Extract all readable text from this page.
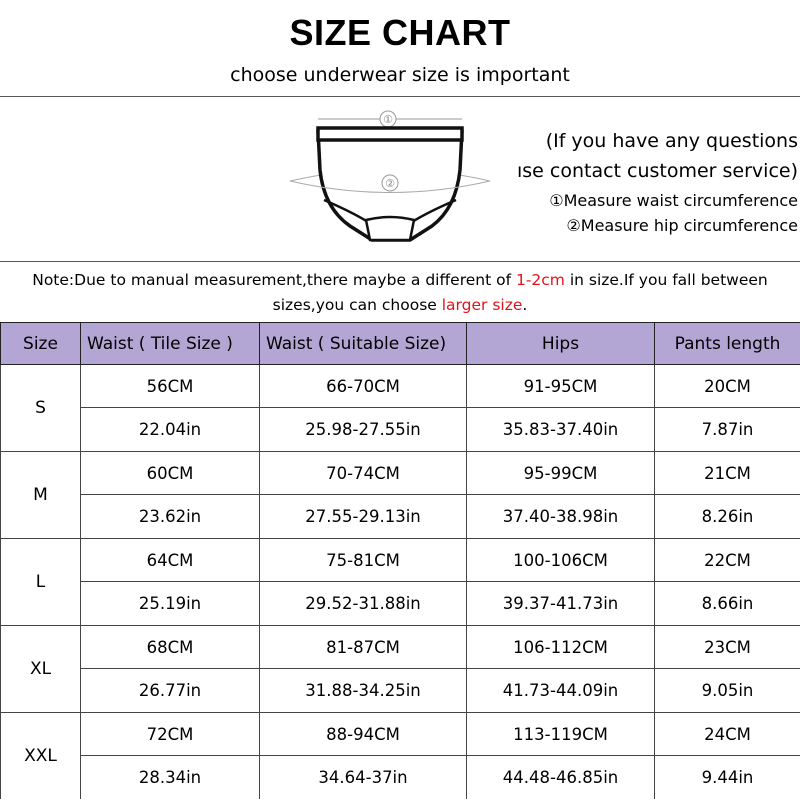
SIZE CHART
choose underwear size is important
①
②
(If you have any questions
ıse contact customer service)
①Measure waist circumference
②Measure hip circumference
Note:Due to manual measurement,there maybe a different of 1-2cm in size.If you fall between
sizes,you can choose larger size.
Size	Waist ( Tile Size )	Waist ( Suitable Size)	Hips	Pants length
S	56CM	66-70CM	91-95CM	20CM
	22.04in	25.98-27.55in	35.83-37.40in	7.87in
M	60CM	70-74CM	95-99CM	21CM
	23.62in	27.55-29.13in	37.40-38.98in	8.26in
L	64CM	75-81CM	100-106CM	22CM
	25.19in	29.52-31.88in	39.37-41.73in	8.66in
XL	68CM	81-87CM	106-112CM	23CM
	26.77in	31.88-34.25in	41.73-44.09in	9.05in
XXL	72CM	88-94CM	113-119CM	24CM
	28.34in	34.64-37in	44.48-46.85in	9.44in
